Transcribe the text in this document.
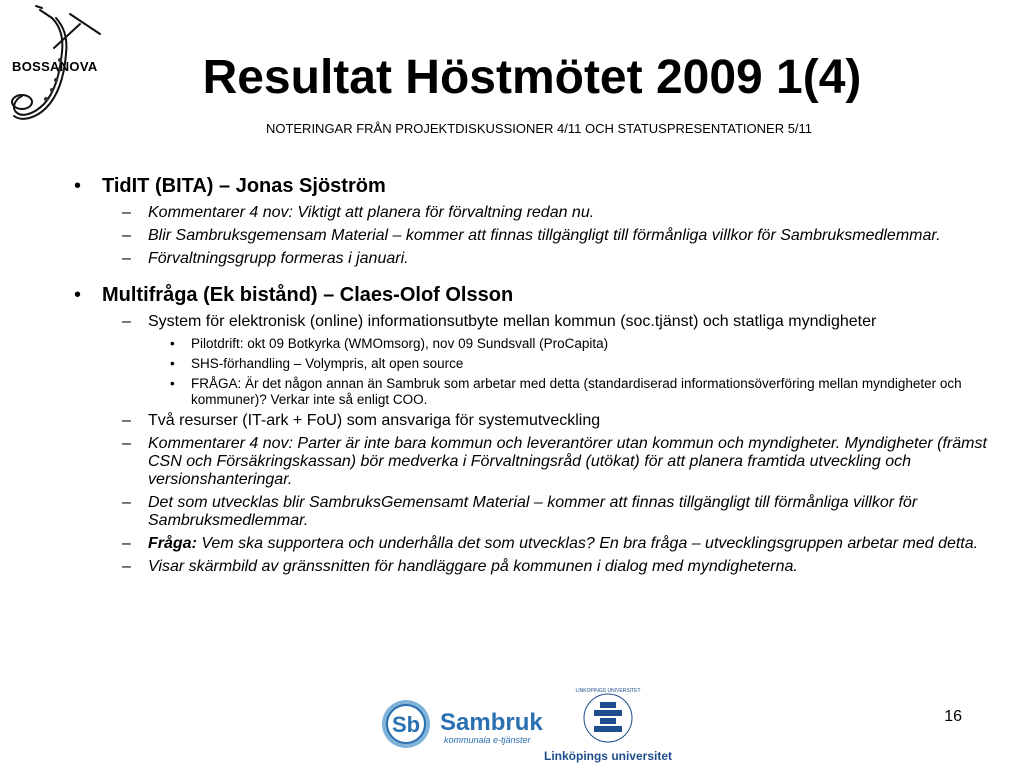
BOSSANOVA	Resultat Höstmötet 2009 1(4)
NOTERINGAR FRÅN PROJEKTDISKUSSIONER 4/11 OCH STATUSPRESENTATIONER 5/11
• TidIT (BITA) – Jonas Sjöström
– Kommentarer 4 nov: Viktigt att planera för förvaltning redan nu.
– Blir Sambruksgemensam Material – kommer att finnas tillgängligt till förmånliga villkor för Sambruksmedlemmar.
– Förvaltningsgrupp formeras i januari.
• Multifråga (Ek bistånd) – Claes-Olof Olsson
– System för elektronisk (online) informationsutbyte mellan kommun (soc.tjänst) och statliga myndigheter
• Pilotdrift: okt 09 Botkyrka (WMOmsorg), nov 09 Sundsvall (ProCapita)
• SHS-förhandling – Volympris, alt open source
• FRÅGA: Är det någon annan än Sambruk som arbetar med detta (standardiserad informationsöverföring mellan myndigheter och kommuner)? Verkar inte så enligt COO.
– Två resurser (IT-ark + FoU) som ansvariga för systemutveckling
– Kommentarer 4 nov: Parter är inte bara kommun och leverantörer utan kommun och myndigheter. Myndigheter (främst CSN och Försäkringskassan) bör medverka i Förvaltningsråd (utökat) för att planera framtida utveckling och versionshanteringar.
– Det som utvecklas blir SambruksGemensamt Material – kommer att finnas tillgängligt till förmånliga villkor för Sambruksmedlemmar.
– Fråga: Vem ska supportera och underhålla det som utvecklas? En bra fråga – utvecklingsgruppen arbetar med detta.
– Visar skärmbild av gränssnitten för handläggare på kommunen i dialog med myndigheterna.
Sb Sambruk
kommunala e-tjänster
LINKÖPINGS UNIVERSITET
Linköpings universitet
16
